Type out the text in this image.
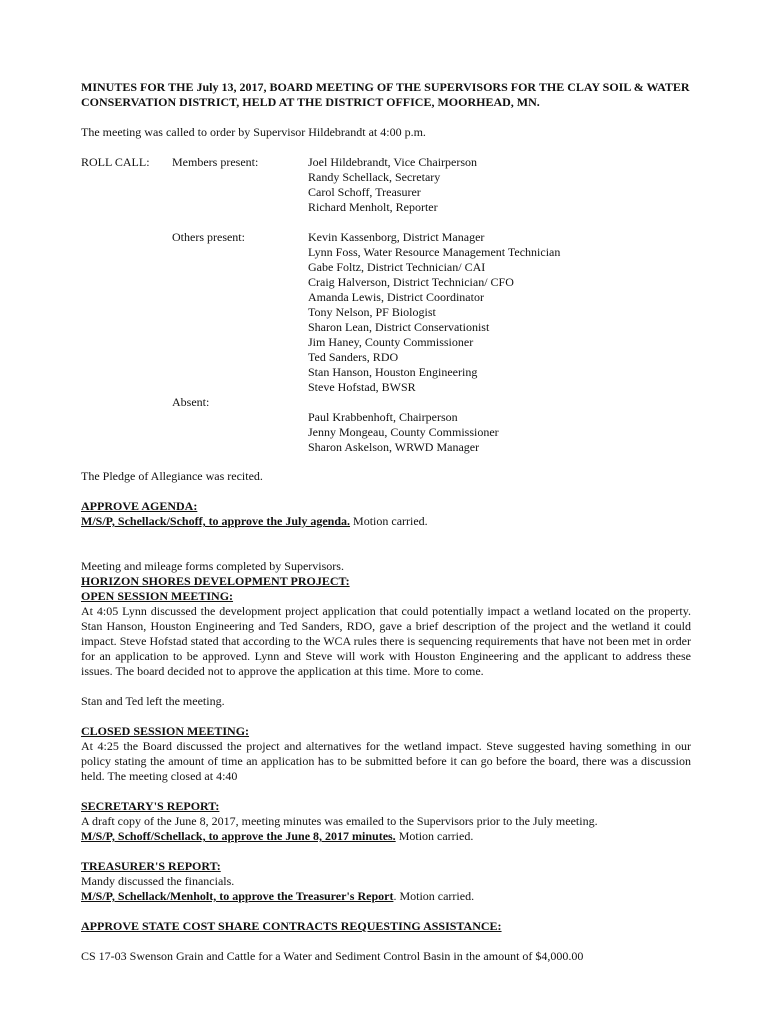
MINUTES FOR THE July 13, 2017, BOARD MEETING OF THE SUPERVISORS FOR THE CLAY SOIL & WATER CONSERVATION DISTRICT, HELD AT THE DISTRICT OFFICE, MOORHEAD, MN.

The meeting was called to order by Supervisor Hildebrandt at 4:00 p.m.

ROLL CALL: Members present:	Joel Hildebrandt, Vice Chairperson
Randy Schellack, Secretary
Carol Schoff, Treasurer
Richard Menholt, Reporter
Others present:	Kevin Kassenborg, District Manager
Lynn Foss, Water Resource Management Technician
Gabe Foltz, District Technician/ CAI
Craig Halverson, District Technician/ CFO
Amanda Lewis, District Coordinator
Tony Nelson, PF Biologist
Sharon Lean, District Conservationist
Jim Haney, County Commissioner
Ted Sanders, RDO
Stan Hanson, Houston Engineering
Steve Hofstad, BWSR
Absent:
Paul Krabbenhoft, Chairperson
Jenny Mongeau, County Commissioner
Sharon Askelson, WRWD Manager

The Pledge of Allegiance was recited.

APPROVE AGENDA:

M/S/P, Schellack/Schoff, to approve the July agenda. Motion carried.

Meeting and mileage forms completed by Supervisors.

HORIZON SHORES DEVELOPMENT PROJECT:

OPEN SESSION MEETING:

At 4:05 Lynn discussed the development project application that could potentially impact a wetland located on the property. Stan Hanson, Houston Engineering and Ted Sanders, RDO, gave a brief description of the project and the wetland it could impact. Steve Hofstad stated that according to the WCA rules there is sequencing requirements that have not been met in order for an application to be approved. Lynn and Steve will work with Houston Engineering and the applicant to address these issues. The board decided not to approve the application at this time. More to come.

Stan and Ted left the meeting.

CLOSED SESSION MEETING:

At 4:25 the Board discussed the project and alternatives for the wetland impact. Steve suggested having something in our policy stating the amount of time an application has to be submitted before it can go before the board, there was a discussion held. The meeting closed at 4:40

SECRETARY'S REPORT:

A draft copy of the June 8, 2017, meeting minutes was emailed to the Supervisors prior to the July meeting.

M/S/P, Schoff/Schellack, to approve the June 8, 2017 minutes. Motion carried.

TREASURER'S REPORT:

Mandy discussed the financials.

M/S/P, Schellack/Menholt, to approve the Treasurer's Report. Motion carried.

APPROVE STATE COST SHARE CONTRACTS REQUESTING ASSISTANCE:

CS 17-03 Swenson Grain and Cattle for a Water and Sediment Control Basin in the amount of $4,000.00
